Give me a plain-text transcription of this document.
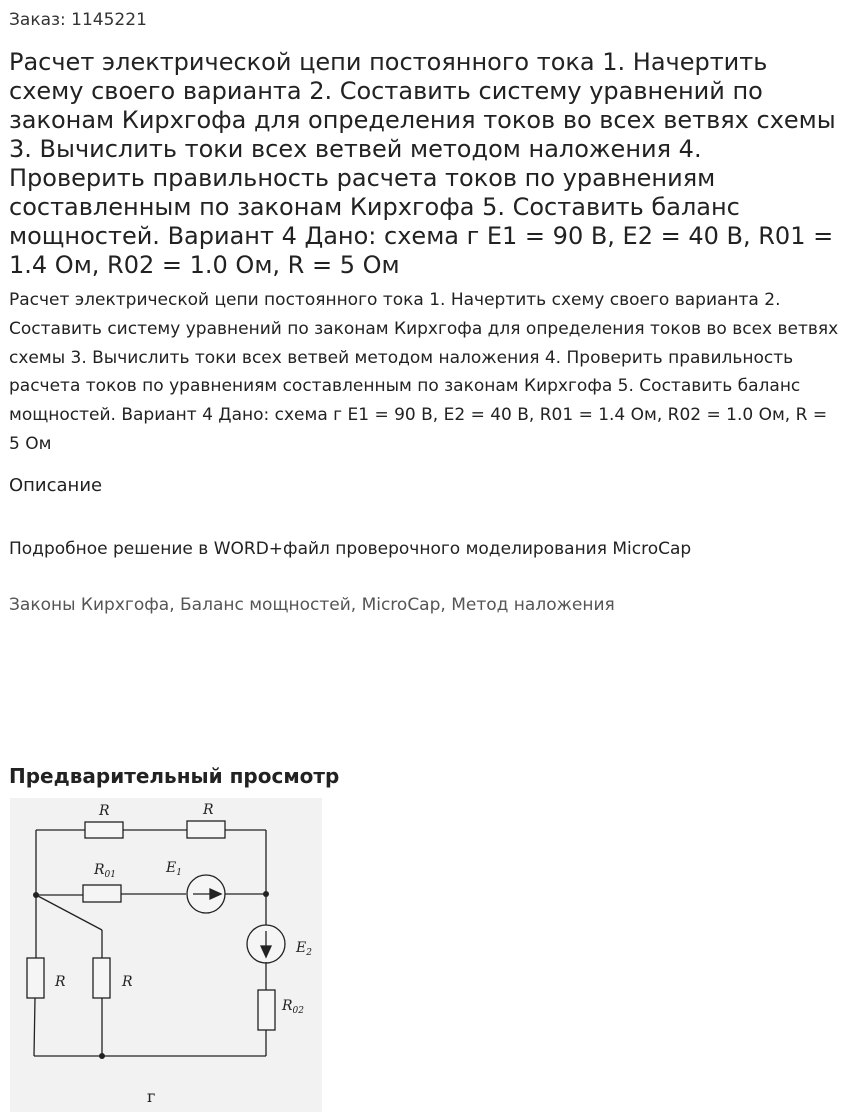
Заказ: 1145221
Расчет электрической цепи постоянного тока 1. Начертить схему своего варианта 2. Составить систему уравнений по законам Кирхгофа для определения токов во всех ветвях схемы 3. Вычислить токи всех ветвей методом наложения 4. Проверить правильность расчета токов по уравнениям составленным по законам Кирхгофа 5. Составить баланс мощностей. Вариант 4 Дано: схема г E1 = 90 В, E2 = 40 В, R01 = 1.4 Ом, R02 = 1.0 Ом, R = 5 Ом
Расчет электрической цепи постоянного тока 1. Начертить схему своего варианта 2. Составить систему уравнений по законам Кирхгофа для определения токов во всех ветвях схемы 3. Вычислить токи всех ветвей методом наложения 4. Проверить правильность расчета токов по уравнениям составленным по законам Кирхгофа 5. Составить баланс мощностей. Вариант 4 Дано: схема г E1 = 90 В, E2 = 40 В, R01 = 1.4 Ом, R02 = 1.0 Ом, R = 5 Ом
Описание
Подробное решение в WORD+файл проверочного моделирования MicroCap
Законы Кирхгофа, Баланс мощностей, MicroCap, Метод наложения
Предварительный просмотр
R	R
$R_{01}$	$E_1$
$E_2$
R	R
$R_{02}$
г
